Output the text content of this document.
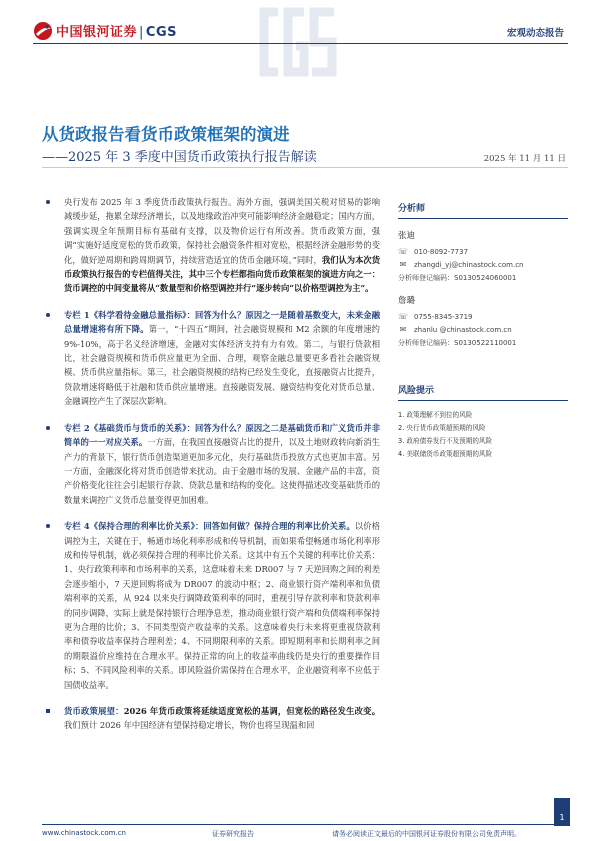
中国银河证券 | CGS	宏观动态报告
从货政报告看货币政策框架的演进
——2025 年 3 季度中国货币政策执行报告解读	2025 年 11 月 11 日

央行发布 2025 年 3 季度货币政策执行报告。海外方面，强调美国关税对贸易的影响减缓步延，拖累全球经济增长，以及地缘政治冲突可能影响经济金融稳定；国内方面，强调实现全年预期目标有基础有支撑，以及物价运行有所改善。货币政策方面，强调“实施好适度宽松的货币政策，保持社会融资条件相对宽松，根据经济金融形势的变化，做好逆周期和跨周期调节，持续营造适宜的货币金融环境。”同时，我们认为本次货币政策执行报告的专栏值得关注，其中三个专栏都指向货币政策框架的演进方向之一：货币调控的中间变量将从“数量型和价格型调控并行”逐步转向“以价格型调控为主”。

专栏 1《科学看待金融总量指标》：回答为什么？原因之一是随着基数变大，未来金融总量增速将有所下降。第一，“十四五”期间，社会融资规模和 M2 余额的年度增速约 9%-10%，高于名义经济增速，金融对实体经济支持有力有效。第二，与银行贷款相比，社会融资规模和货币供应量更为全面、合理，观察金融总量要更多看社会融资规模、货币供应量指标。第三，社会融资规模的结构已经发生变化，直接融资占比提升，贷款增速将略低于社融和货币供应量增速。直接融资发展、融资结构变化对货币总量、金融调控产生了深层次影响。

专栏 2《基础货币与货币的关系》：回答为什么？原因之二是基础货币和广义货币并非简单的一一对应关系。一方面，在我国直接融资占比的提升，以及土地财政转向新消生产力的背景下，银行货币创造渠道更加多元化，央行基础货币投放方式也更加丰富。另一方面，金融深化将对货币创造带来扰动。由于金融市场的发展、金融产品的丰富，资产价格变化往往会引起银行存款、贷款总量和结构的变化。这使得描述改变基础货币的数量来调控广义货币总量变得更加困难。

专栏 4《保持合理的利率比价关系》：回答如何做？保持合理的利率比价关系。以价格调控为主，关键在于，畅通市场化利率形成和传导机制，而如果希望畅通市场化利率形成和传导机制，就必须保持合理的利率比价关系。这其中有五个关键的利率比价关系：1、央行政策利率和市场利率的关系，这意味着未来 DR007 与 7 天逆回购之间的利差会逐步缩小，7 天逆回购将成为 DR007 的波动中枢；2、商业银行资产端利率和负债端利率的关系，从 924 以来央行调降政策利率的同时，重视引导存款利率和贷款利率的同步调降，实际上就是保持银行合理净息差，推动商业银行资产端和负债端利率保持更为合理的比价；3、不同类型资产收益率的关系。这意味着央行未来将更重视贷款利率和债券收益率保持合理利差；4、不同期限利率的关系。即短期利率和长期利率之间的期限溢价应维持在合理水平。保持正常的向上的收益率曲线仍是央行的重要操作目标；5、不同风险利率的关系。即风险溢价需保持在合理水平，企业融资利率不应低于国债收益率。

货币政策展望：2026 年货币政策将延续适度宽松的基调，但宽松的路径发生改变。我们预计 2026 年中国经济有望保持稳定增长，物价也将呈现温和回

分析师
张迪
☏ 010-8092-7737
✉ zhangdi_yj@chinastock.com.cn
分析师登记编码：S0130524060001
詹璐
☏ 0755-8345-3719
✉ zhanlu @chinastock.com.cn
分析师登记编码：S0130522110001
风险提示
1. 政策理解不到位的风险
2. 央行货币政策超预期的风险
3. 政府债券发行不及预期的风险
4. 美联储货币政策超预期的风险
www.chinastock.com.cn	证券研究报告	请务必阅读正文最后的中国银河证券股份有限公司免责声明。
1
